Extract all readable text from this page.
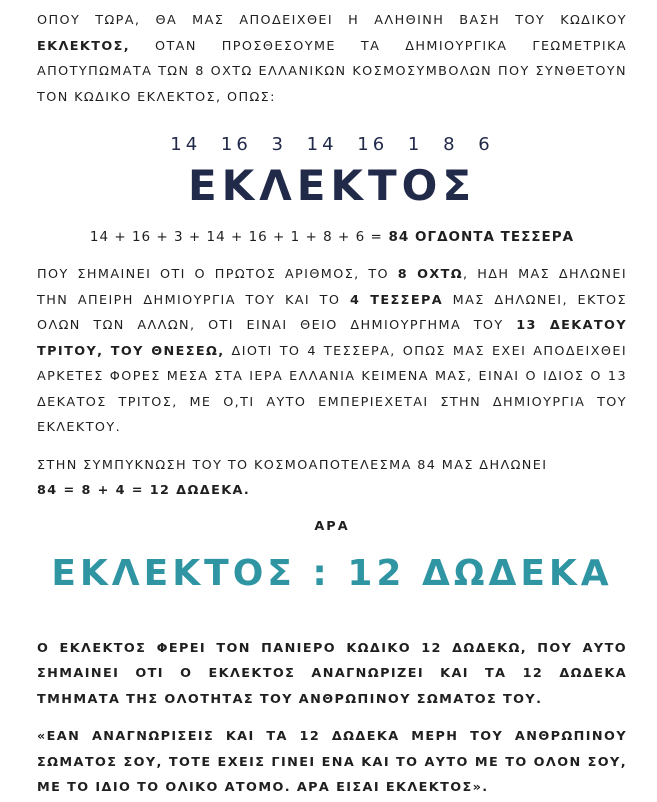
ΟΠΟΥ ΤΩΡΑ, ΘΑ ΜΑΣ ΑΠΟΔΕΙΧΘΕΙ Η ΑΛΗΘΙΝΗ ΒΑΣΗ ΤΟΥ ΚΩΔΙΚΟΥ ΕΚΛΕΚΤΟΣ, ΟΤΑΝ ΠΡΟΣΘΕΣΟΥΜΕ ΤΑ ΔΗΜΙΟΥΡΓΙΚΑ ΓΕΩΜΕΤΡΙΚΑ ΑΠΟΤΥΠΩΜΑΤΑ ΤΩΝ 8 ΟΧΤΩ ΕΛΛΑΝΙΚΩΝ ΚΟΣΜΟΣΥΜΒΟΛΩΝ ΠΟΥ ΣΥΝΘΕΤΟΥΝ ΤΟΝ ΚΩΔΙΚΟ ΕΚΛΕΚΤΟΣ, ΟΠΩΣ:

14 16 3 14 16 1 8 6
ΕΚΛΕΚΤΟΣ
14 + 16 + 3 + 14 + 16 + 1 + 8 + 6 = 84 ΟΓΔΟΝΤΑ ΤΕΣΣΕΡΑ

ΠΟΥ ΣΗΜΑΙΝΕΙ ΟΤΙ Ο ΠΡΩΤΟΣ ΑΡΙΘΜΟΣ, ΤΟ 8 ΟΧΤΩ, ΗΔΗ ΜΑΣ ΔΗΛΩΝΕΙ ΤΗΝ ΑΠΕΙΡΗ ΔΗΜΙΟΥΡΓΙΑ ΤΟΥ ΚΑΙ ΤΟ 4 ΤΕΣΣΕΡΑ ΜΑΣ ΔΗΛΩΝΕΙ, ΕΚΤΟΣ ΟΛΩΝ ΤΩΝ ΑΛΛΩΝ, ΟΤΙ ΕΙΝΑΙ ΘΕΙΟ ΔΗΜΙΟΥΡΓΗΜΑ ΤΟΥ 13 ΔΕΚΑΤΟΥ ΤΡΙΤΟΥ, ΤΟΥ ΘΝΕΣΕΩ, ΔΙΟΤΙ ΤΟ 4 ΤΕΣΣΕΡΑ, ΟΠΩΣ ΜΑΣ ΕΧΕΙ ΑΠΟΔΕΙΧΘΕΙ ΑΡΚΕΤΕΣ ΦΟΡΕΣ ΜΕΣΑ ΣΤΑ ΙΕΡΑ ΕΛΛΑΝΙΑ ΚΕΙΜΕΝΑ ΜΑΣ, ΕΙΝΑΙ Ο ΙΔΙΟΣ Ο 13 ΔΕΚΑΤΟΣ ΤΡΙΤΟΣ, ΜΕ Ο,ΤΙ ΑΥΤΟ ΕΜΠΕΡΙΕΧΕΤΑΙ ΣΤΗΝ ΔΗΜΙΟΥΡΓΙΑ ΤΟΥ ΕΚΛΕΚΤΟΥ.

ΣΤΗΝ ΣΥΜΠΥΚΝΩΣΗ ΤΟΥ ΤΟ ΚΟΣΜΟΑΠΟΤΕΛΕΣΜΑ 84 ΜΑΣ ΔΗΛΩΝΕΙ
84 = 8 + 4 = 12 ΔΩΔΕΚΑ.

ΑΡΑ
ΕΚΛΕΚΤΟΣ : 12 ΔΩΔΕΚΑ

Ο ΕΚΛΕΚΤΟΣ ΦΕΡΕΙ ΤΟΝ ΠΑΝΙΕΡΟ ΚΩΔΙΚΟ 12 ΔΩΔΕΚΩ, ΠΟΥ ΑΥΤΟ ΣΗΜΑΙΝΕΙ ΟΤΙ Ο ΕΚΛΕΚΤΟΣ ΑΝΑΓΝΩΡΙΖΕΙ ΚΑΙ ΤΑ 12 ΔΩΔΕΚΑ ΤΜΗΜΑΤΑ ΤΗΣ ΟΛΟΤΗΤΑΣ ΤΟΥ ΑΝΘΡΩΠΙΝΟΥ ΣΩΜΑΤΟΣ ΤΟΥ.

«ΕΑΝ ΑΝΑΓΝΩΡΙΣΕΙΣ ΚΑΙ ΤΑ 12 ΔΩΔΕΚΑ ΜΕΡΗ ΤΟΥ ΑΝΘΡΩΠΙΝΟΥ ΣΩΜΑΤΟΣ ΣΟΥ, ΤΟΤΕ ΕΧΕΙΣ ΓΙΝΕΙ ΕΝΑ ΚΑΙ ΤΟ ΑΥΤΟ ΜΕ ΤΟ ΟΛΟΝ ΣΟΥ, ΜΕ ΤΟ ΙΔΙΟ ΤΟ ΟΛΙΚΟ ΑΤΟΜΟ. ΑΡΑ ΕΙΣΑΙ ΕΚΛΕΚΤΟΣ».
